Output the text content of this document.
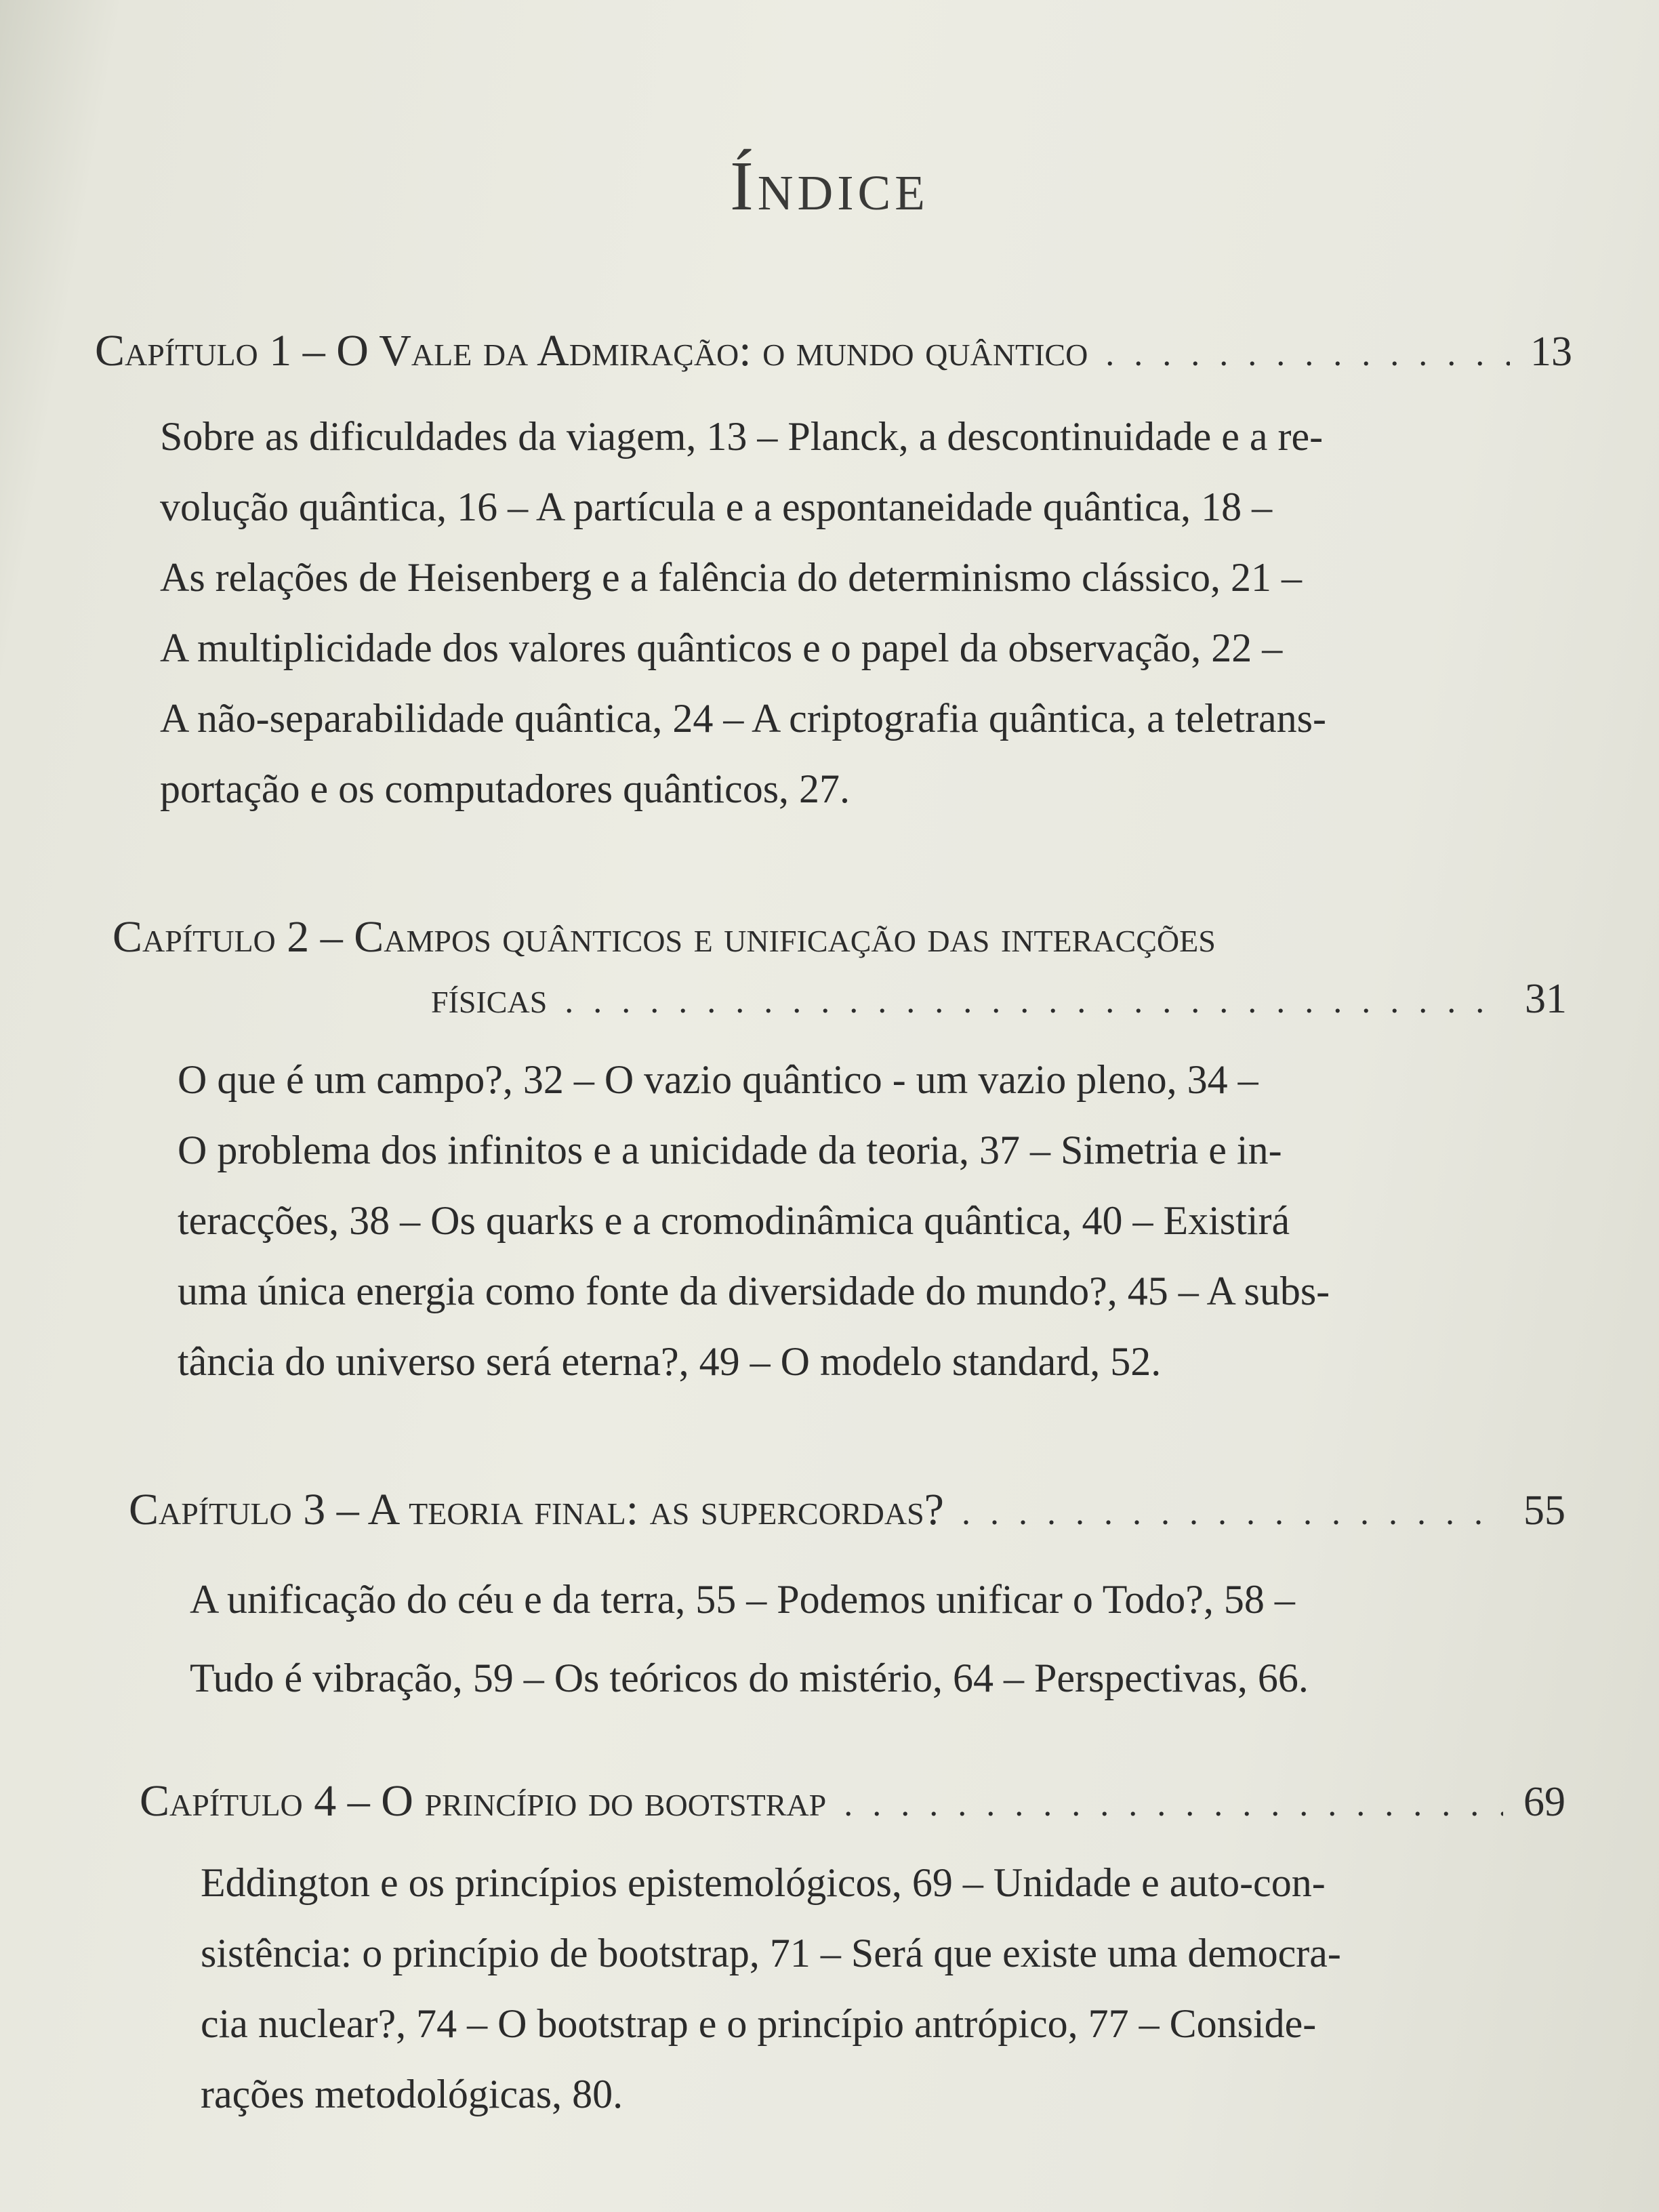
Índice
Capítulo 1 – O Vale da Admiração: o mundo quântico . . .	13
Sobre as dificuldades da viagem, 13 – Planck, a descontinuidade e a re-
volução quântica, 16 – A partícula e a espontaneidade quântica, 18 –
As relações de Heisenberg e a falência do determinismo clássico, 21 –
A multiplicidade dos valores quânticos e o papel da observação, 22 –
A não-separabilidade quântica, 24 – A criptografia quântica, a teletrans-
portação e os computadores quânticos, 27.
Capítulo 2 – Campos quânticos e unificação das interacções
físicas . . .	31
O que é um campo?, 32 – O vazio quântico - um vazio pleno, 34 –
O problema dos infinitos e a unicidade da teoria, 37 – Simetria e in-
teracções, 38 – Os quarks e a cromodinâmica quântica, 40 – Existirá
uma única energia como fonte da diversidade do mundo?, 45 – A subs-
tância do universo será eterna?, 49 – O modelo standard, 52.
Capítulo 3 – A teoria final: as supercordas? . . .	55
A unificação do céu e da terra, 55 – Podemos unificar o Todo?, 58 –
Tudo é vibração, 59 – Os teóricos do mistério, 64 – Perspectivas, 66.
Capítulo 4 – O princípio do bootstrap . . .	69
Eddington e os princípios epistemológicos, 69 – Unidade e auto-con-
sistência: o princípio de bootstrap, 71 – Será que existe uma democra-
cia nuclear?, 74 – O bootstrap e o princípio antrópico, 77 – Conside-
rações metodológicas, 80.
